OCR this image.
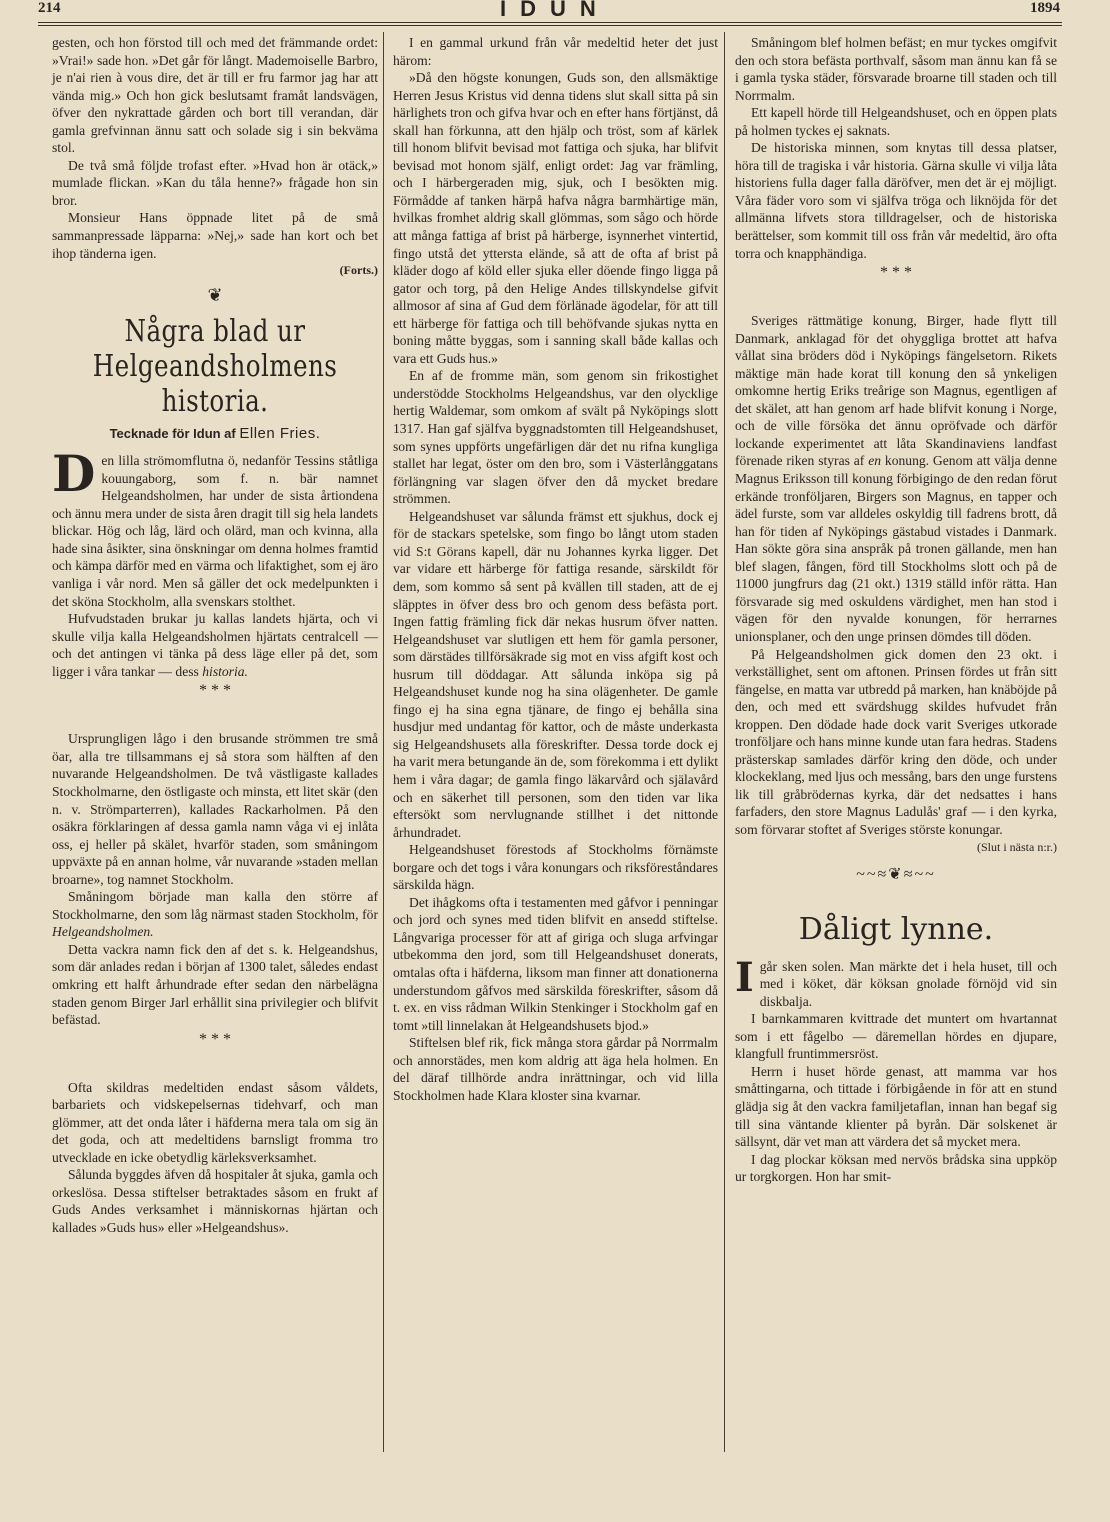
214	IDUN	1894

gesten, och hon förstod till och med det främmande ordet: »Vrai!» sade hon. »Det går för långt. Mademoiselle Barbro, je n'ai rien à vous dire, det är till er fru farmor jag har att vända mig.» Och hon gick beslutsamt framåt landsvägen, öfver den nykrattade gården och bort till verandan, där gamla grefvinnan ännu satt och solade sig i sin bekväma stol.

De två små följde trofast efter. »Hvad hon är otäck,» mumlade flickan. »Kan du tåla henne?» frågade hon sin bror.

Monsieur Hans öppnade litet på de små sammanpressade läpparna: »Nej,» sade han kort och bet ihop tänderna igen.

(Forts.)

❦
Några blad ur Helgeandsholmens historia.
Tecknade för Idun af Ellen Fries.

Den lilla strömomflutna ö, nedanför Tessins ståtliga kouungaborg, som f. n. bär namnet Helgeandsholmen, har under de sista årtiondena och ännu mera under de sista åren dragit till sig hela landets blickar. Hög och låg, lärd och olärd, man och kvinna, alla hade sina åsikter, sina önskningar om denna holmes framtid och kämpa därför med en värma och lifaktighet, som ej äro vanliga i vår nord. Men så gäller det ock medelpunkten i det sköna Stockholm, alla svenskars stolthet.

Hufvudstaden brukar ju kallas landets hjärta, och vi skulle vilja kalla Helgeandsholmen hjärtats centralcell — och det antingen vi tänka på dess läge eller på det, som ligger i våra tankar — dess historia.

* * *

Ursprungligen lågo i den brusande strömmen tre små öar, alla tre tillsammans ej så stora som hälften af den nuvarande Helgeandsholmen. De två västligaste kallades Stockholmarne, den östligaste och minsta, ett litet skär (den n. v. Strömparterren), kallades Rackarholmen. På den osäkra förklaringen af dessa gamla namn våga vi ej inlåta oss, ej heller på skälet, hvarför staden, som småningom uppväxte på en annan holme, vår nuvarande »staden mellan broarne», tog namnet Stockholm.

Småningom började man kalla den större af Stockholmarne, den som låg närmast staden Stockholm, för Helgeandsholmen.

Detta vackra namn fick den af det s. k. Helgeandshus, som där anlades redan i början af 1300 talet, således endast omkring ett halft århundrade efter sedan den närbelägna staden genom Birger Jarl erhållit sina privilegier och blifvit befästad.

* * *

Ofta skildras medeltiden endast såsom våldets, barbariets och vidskepelsernas tidehvarf, och man glömmer, att det onda låter i häfderna mera tala om sig än det goda, och att medeltidens barnsligt fromma tro utvecklade en icke obetydlig kärleksverksamhet.

Sålunda byggdes äfven då hospitaler åt sjuka, gamla och orkeslösa. Dessa stiftelser betraktades såsom en frukt af Guds Andes verksamhet i människornas hjärtan och kallades »Guds hus» eller »Helgeandshus».

I en gammal urkund från vår medeltid heter det just härom:

»Då den högste konungen, Guds son, den allsmäktige Herren Jesus Kristus vid denna tidens slut skall sitta på sin härlighets tron och gifva hvar och en efter hans förtjänst, då skall han förkunna, att den hjälp och tröst, som af kärlek till honom blifvit bevisad mot fattiga och sjuka, har blifvit bevisad mot honom själf, enligt ordet: Jag var främling, och I härbergeraden mig, sjuk, och I besökten mig. Förmådde af tanken härpå hafva några barmhärtige män, hvilkas fromhet aldrig skall glömmas, som sågo och hörde att många fattiga af brist på härberge, isynnerhet vintertid, fingo utstå det yttersta elände, så att de ofta af brist på kläder dogo af köld eller sjuka eller döende fingo ligga på gator och torg, på den Helige Andes tillskyndelse gifvit allmosor af sina af Gud dem förlänade ägodelar, för att till ett härberge för fattiga och till behöfvande sjukas nytta en boning måtte byggas, som i sanning skall både kallas och vara ett Guds hus.»

En af de fromme män, som genom sin frikostighet understödde Stockholms Helgeandshus, var den olycklige hertig Waldemar, som omkom af svält på Nyköpings slott 1317. Han gaf själfva byggnadstomten till Helgeandshuset, som synes uppförts ungefärligen där det nu rifna kungliga stallet har legat, öster om den bro, som i Västerlånggatans förlängning var slagen öfver den då mycket bredare strömmen.

Helgeandshuset var sålunda främst ett sjukhus, dock ej för de stackars spetelske, som fingo bo långt utom staden vid S:t Görans kapell, där nu Johannes kyrka ligger. Det var vidare ett härberge för fattiga resande, särskildt för dem, som kommo så sent på kvällen till staden, att de ej släpptes in öfver dess bro och genom dess befästa port. Ingen fattig främling fick där nekas husrum öfver natten. Helgeandshuset var slutligen ett hem för gamla personer, som därstädes tillförsäkrade sig mot en viss afgift kost och husrum till döddagar. Att sålunda inköpa sig på Helgeandshuset kunde nog ha sina olägenheter. De gamle fingo ej ha sina egna tjänare, de fingo ej behålla sina husdjur med undantag för kattor, och de måste underkasta sig Helgeandshusets alla föreskrifter. Dessa torde dock ej ha varit mera betungande än de, som förekomma i ett dylikt hem i våra dagar; de gamla fingo läkarvård och själavård och en säkerhet till personen, som den tiden var lika eftersökt som nervlugnande stillhet i det nittonde århundradet.

Helgeandshuset förestods af Stockholms förnämste borgare och det togs i våra konungars och riksföreståndares särskilda hägn.

Det ihågkoms ofta i testamenten med gåfvor i penningar och jord och synes med tiden blifvit en ansedd stiftelse. Långvariga processer för att af giriga och sluga arfvingar utbekomma den jord, som till Helgeandshuset donerats, omtalas ofta i häfderna, liksom man finner att donationerna understundom gåfvos med särskilda föreskrifter, såsom då t. ex. en viss rådman Wilkin Stenkinger i Stockholm gaf en tomt »till linnelakan åt Helgeandshusets bjod.»

Stiftelsen blef rik, fick många stora gårdar på Norrmalm och annorstädes, men kom aldrig att äga hela holmen. En del däraf tillhörde andra inrättningar, och vid lilla Stockholmen hade Klara kloster sina kvarnar.

Småningom blef holmen befäst; en mur tyckes omgifvit den och stora befästa porthvalf, såsom man ännu kan få se i gamla tyska städer, försvarade broarne till staden och till Norrmalm.

Ett kapell hörde till Helgeandshuset, och en öppen plats på holmen tyckes ej saknats.

De historiska minnen, som knytas till dessa platser, höra till de tragiska i vår historia. Gärna skulle vi vilja låta historiens fulla dager falla däröfver, men det är ej möjligt. Våra fäder voro som vi själfva tröga och liknöjda för det allmänna lifvets stora tilldragelser, och de historiska berättelser, som kommit till oss från vår medeltid, äro ofta torra och knapphändiga.

* * *

Sveriges rättmätige konung, Birger, hade flytt till Danmark, anklagad för det ohyggliga brottet att hafva vållat sina bröders död i Nyköpings fängelsetorn. Rikets mäktige män hade korat till konung den så ynkeligen omkomne hertig Eriks treårige son Magnus, egentligen af det skälet, att han genom arf hade blifvit konung i Norge, och de ville försöka det ännu opröfvade och därför lockande experimentet att låta Skandinaviens landfast förenade riken styras af en konung. Genom att välja denne Magnus Eriksson till konung förbigingo de den redan förut erkände tronföljaren, Birgers son Magnus, en tapper och ädel furste, som var alldeles oskyldig till fadrens brott, då han för tiden af Nyköpings gästabud vistades i Danmark. Han sökte göra sina anspråk på tronen gällande, men han blef slagen, fången, förd till Stockholms slott och på de 11000 jungfrurs dag (21 okt.) 1319 ställd inför rätta. Han försvarade sig med oskuldens värdighet, men han stod i vägen för den nyvalde konungen, för herrarnes unionsplaner, och den unge prinsen dömdes till döden.

På Helgeandsholmen gick domen den 23 okt. i verkställighet, sent om aftonen. Prinsen fördes ut från sitt fängelse, en matta var utbredd på marken, han knäböjde på den, och med ett svärdshugg skildes hufvudet från kroppen. Den dödade hade dock varit Sveriges utkorade tronföljare och hans minne kunde utan fara hedras. Stadens prästerskap samlades därför kring den döde, och under klockeklang, med ljus och messång, bars den unge furstens lik till gråbrödernas kyrka, där det nedsattes i hans farfaders, den store Magnus Ladulås' graf — i den kyrka, som förvarar stoftet af Sveriges störste konungar.

(Slut i nästa n:r.)

~~≈❦≈~~
Dåligt lynne.

Igår sken solen. Man märkte det i hela huset, till och med i köket, där köksan gnolade förnöjd vid sin diskbalja.

I barnkammaren kvittrade det muntert om hvartannat som i ett fågelbo — däremellan hördes en djupare, klangfull fruntimmersröst.

Herrn i huset hörde genast, att mamma var hos småttingarna, och tittade i förbigående in för att en stund glädja sig åt den vackra familjetaflan, innan han begaf sig till sina väntande klienter på byrån. Där solskenet är sällsynt, där vet man att värdera det så mycket mera.

I dag plockar köksan med nervös brådska sina uppköp ur torgkorgen. Hon har smit-
